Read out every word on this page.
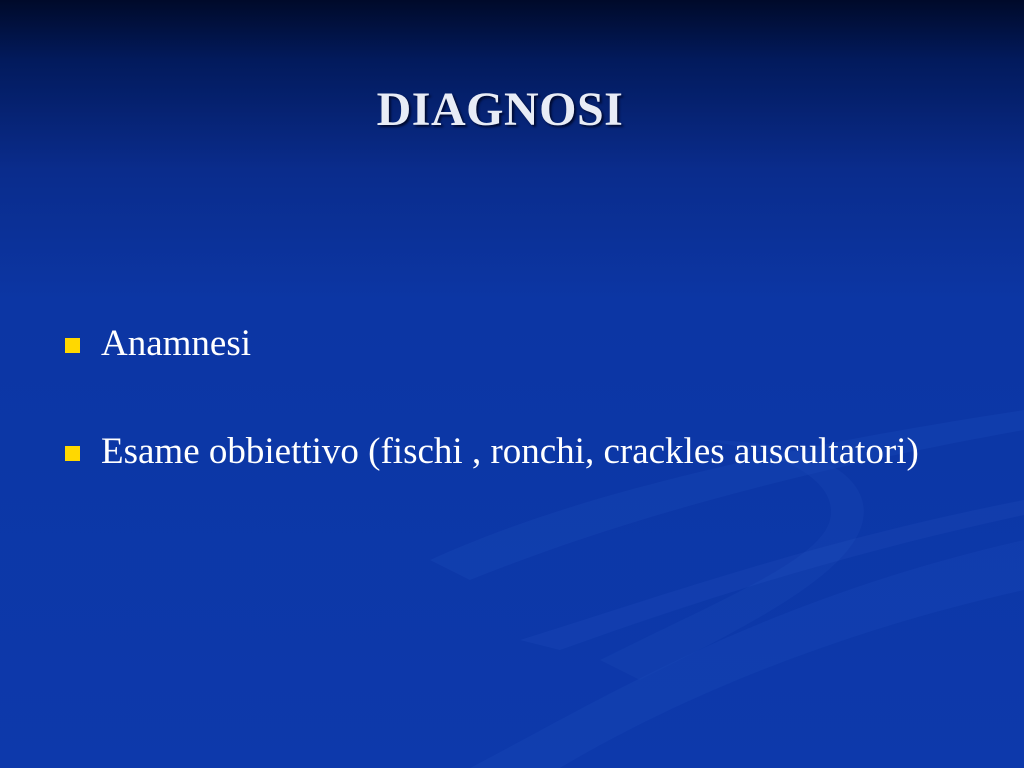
DIAGNOSI
Anamnesi
Esame obbiettivo (fischi , ronchi, crackles auscultatori)
